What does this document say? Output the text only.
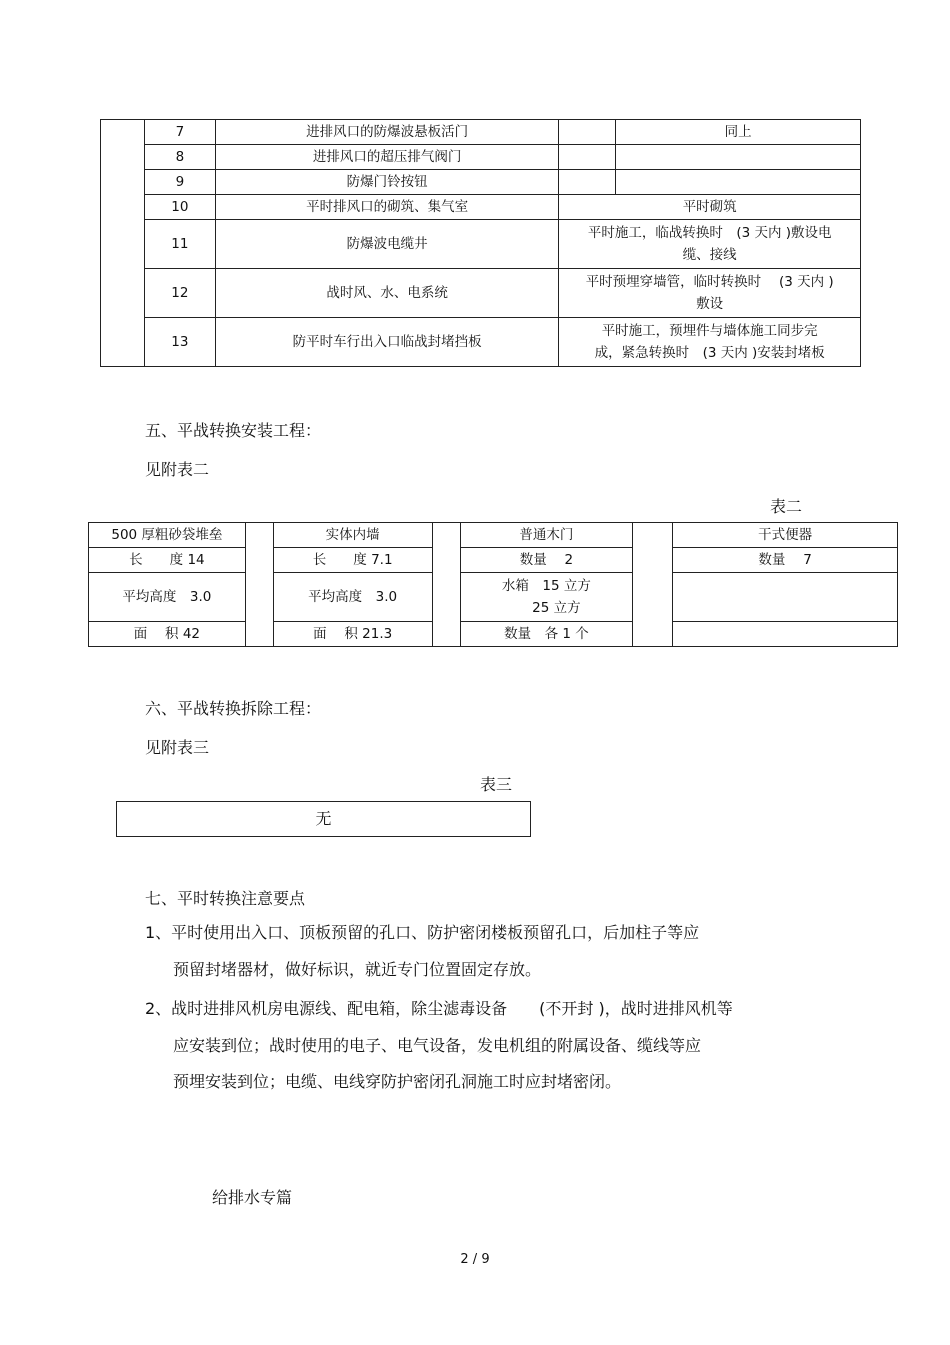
	7	进排风口的防爆波悬板活门		同上
	8	进排风口的超压排气阀门		
	9	防爆门铃按钮		
	10	平时排风口的砌筑、集气室	平时砌筑	
	11	防爆波电缆井	平时施工，临战转换时　(3 天内 )敷设电
缆、接线	

	12	战时风、水、电系统	平时预埋穿墙管，临时转换时　 (3 天内 )
敷设	

	13	防平时车行出入口临战封堵挡板	平时施工，预埋件与墙体施工同步完
成，紧急转换时　(3 天内 )安装封堵板	
五、平战转换安装工程：
见附表二
表二
500 厚粗砂袋堆垒		实体内墙		普通木门		干式便器
长　　度 14		长　　度 7.1		数量　 2		数量　 7
平均高度　3.0		平均高度　3.0		水箱　15 立方
25 立方		

面　 积 42		面　 积 21.3		数量　各 1 个		
六、平战转换拆除工程：
见附表三
表三
无
七、平时转换注意要点
1、平时使用出入口、顶板预留的孔口、防护密闭楼板预留孔口，后加柱子等应
预留封堵器材，做好标识，就近专门位置固定存放。
2、战时进排风机房电源线、配电箱，除尘滤毒设备　　(不开封 )，战时进排风机等
应安装到位；战时使用的电子、电气设备，发电机组的附属设备、缆线等应
预埋安装到位；电缆、电线穿防护密闭孔洞施工时应封堵密闭。
给排水专篇
2 / 9
